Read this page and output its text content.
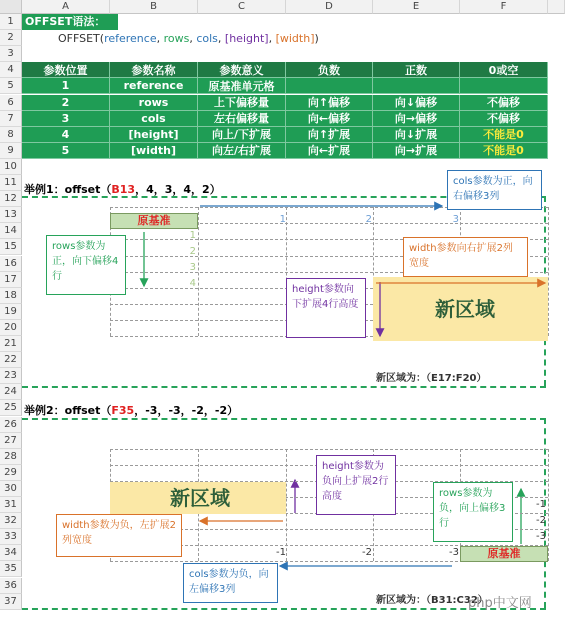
A	B	C	D	E	F
1
2
3
4
5
6
7
8
9
10
11
12
13
14
15
16
17
18
19
20
21
22
23
24
25
26
27
28
29
30
31
32
33
34
35
36
37
OFFSET语法：
OFFSET(reference, rows, cols, [height], [width])
参数位置	参数名称	参数意义	负数	正数	0或空
1	reference	原基准单元格
2	rows	上下偏移量	向↑偏移	向↓偏移	不偏移
3	cols	左右偏移量	向←偏移	向→偏移	不偏移
4	[height]	向上/下扩展	向↑扩展	向↓扩展	不能是0
5	[width]	向左/右扩展	向←扩展	向→扩展	不能是0
举例1：offset（B13，4，3，4，2）
原基准	1	2	3
1
2
3
4
新区域
cols参数为正，向右偏移3列
rows参数为正，向下偏移4行
height参数向下扩展4行高度
width参数向右扩展2列宽度
新区域为：（E17:F20）
举例2：offset（F35，-3，-3，-2，-2）
新区域
原基准
-1	-2	-3
-1
-2
-3
height参数为负向上扩展2行高度	rows参数为负，向上偏移3行
width参数为负，左扩展2列宽度
cols参数为负，向左偏移3列
新区域为：（B31:C32）
php中文网
